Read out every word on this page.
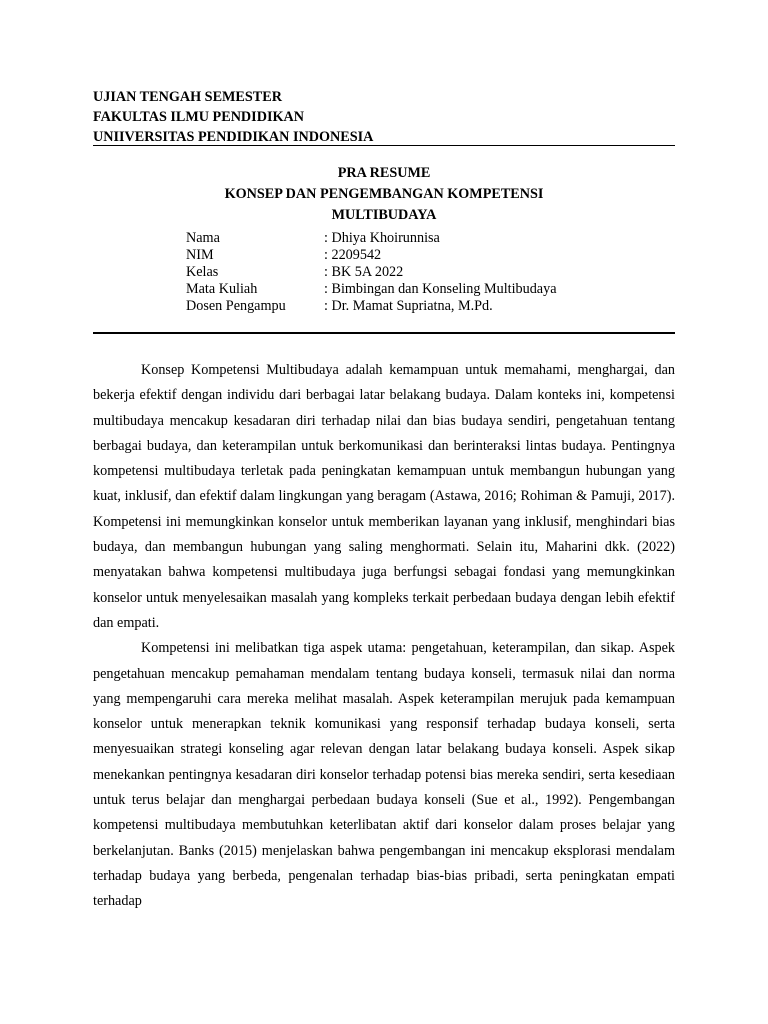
UJIAN TENGAH SEMESTER
FAKULTAS ILMU PENDIDIKAN
UNIIVERSITAS PENDIDIKAN INDONESIA
PRA RESUME
KONSEP DAN PENGEMBANGAN KOMPETENSI MULTIBUDAYA
Nama	: Dhiya Khoirunnisa
NIM	: 2209542
Kelas	: BK 5A 2022
Mata Kuliah	: Bimbingan dan Konseling Multibudaya
Dosen Pengampu	: Dr. Mamat Supriatna, M.Pd.

Konsep Kompetensi Multibudaya adalah kemampuan untuk memahami, menghargai, dan bekerja efektif dengan individu dari berbagai latar belakang budaya. Dalam konteks ini, kompetensi multibudaya mencakup kesadaran diri terhadap nilai dan bias budaya sendiri, pengetahuan tentang berbagai budaya, dan keterampilan untuk berkomunikasi dan berinteraksi lintas budaya. Pentingnya kompetensi multibudaya terletak pada peningkatan kemampuan untuk membangun hubungan yang kuat, inklusif, dan efektif dalam lingkungan yang beragam (Astawa, 2016; Rohiman & Pamuji, 2017). Kompetensi ini memungkinkan konselor untuk memberikan layanan yang inklusif, menghindari bias budaya, dan membangun hubungan yang saling menghormati. Selain itu, Maharini dkk. (2022) menyatakan bahwa kompetensi multibudaya juga berfungsi sebagai fondasi yang memungkinkan konselor untuk menyelesaikan masalah yang kompleks terkait perbedaan budaya dengan lebih efektif dan empati.

Kompetensi ini melibatkan tiga aspek utama: pengetahuan, keterampilan, dan sikap. Aspek pengetahuan mencakup pemahaman mendalam tentang budaya konseli, termasuk nilai dan norma yang mempengaruhi cara mereka melihat masalah. Aspek keterampilan merujuk pada kemampuan konselor untuk menerapkan teknik komunikasi yang responsif terhadap budaya konseli, serta menyesuaikan strategi konseling agar relevan dengan latar belakang budaya konseli. Aspek sikap menekankan pentingnya kesadaran diri konselor terhadap potensi bias mereka sendiri, serta kesediaan untuk terus belajar dan menghargai perbedaan budaya konseli (Sue et al., 1992). Pengembangan kompetensi multibudaya membutuhkan keterlibatan aktif dari konselor dalam proses belajar yang berkelanjutan. Banks (2015) menjelaskan bahwa pengembangan ini mencakup eksplorasi mendalam terhadap budaya yang berbeda, pengenalan terhadap bias-bias pribadi, serta peningkatan empati terhadap
